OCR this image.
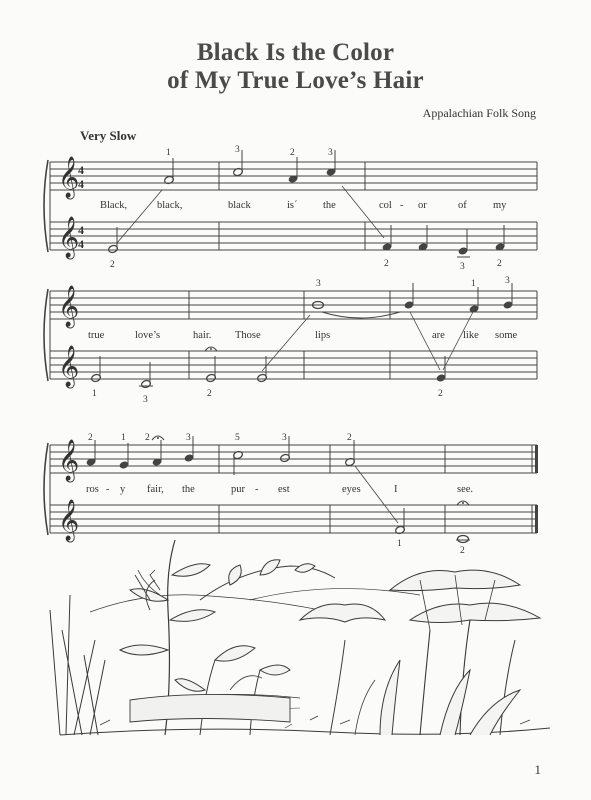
Black Is the Color
of My True Love’s Hair
Appalachian Folk Song
Very Slow
𝄞
𝄞
4
4
4
4
Black,	black,	black	is´ the	col - or	of	my
1	3	2	3
2	2	3	2
𝄞
𝄞
true	love’s	hair. Those	lips	are like some
3	1	3
1
3
2	2
𝄞
𝄞
ros - y fair, the	pur - est	eyes	I	see.
2	1 2	3	5	3	2
1
2
1
